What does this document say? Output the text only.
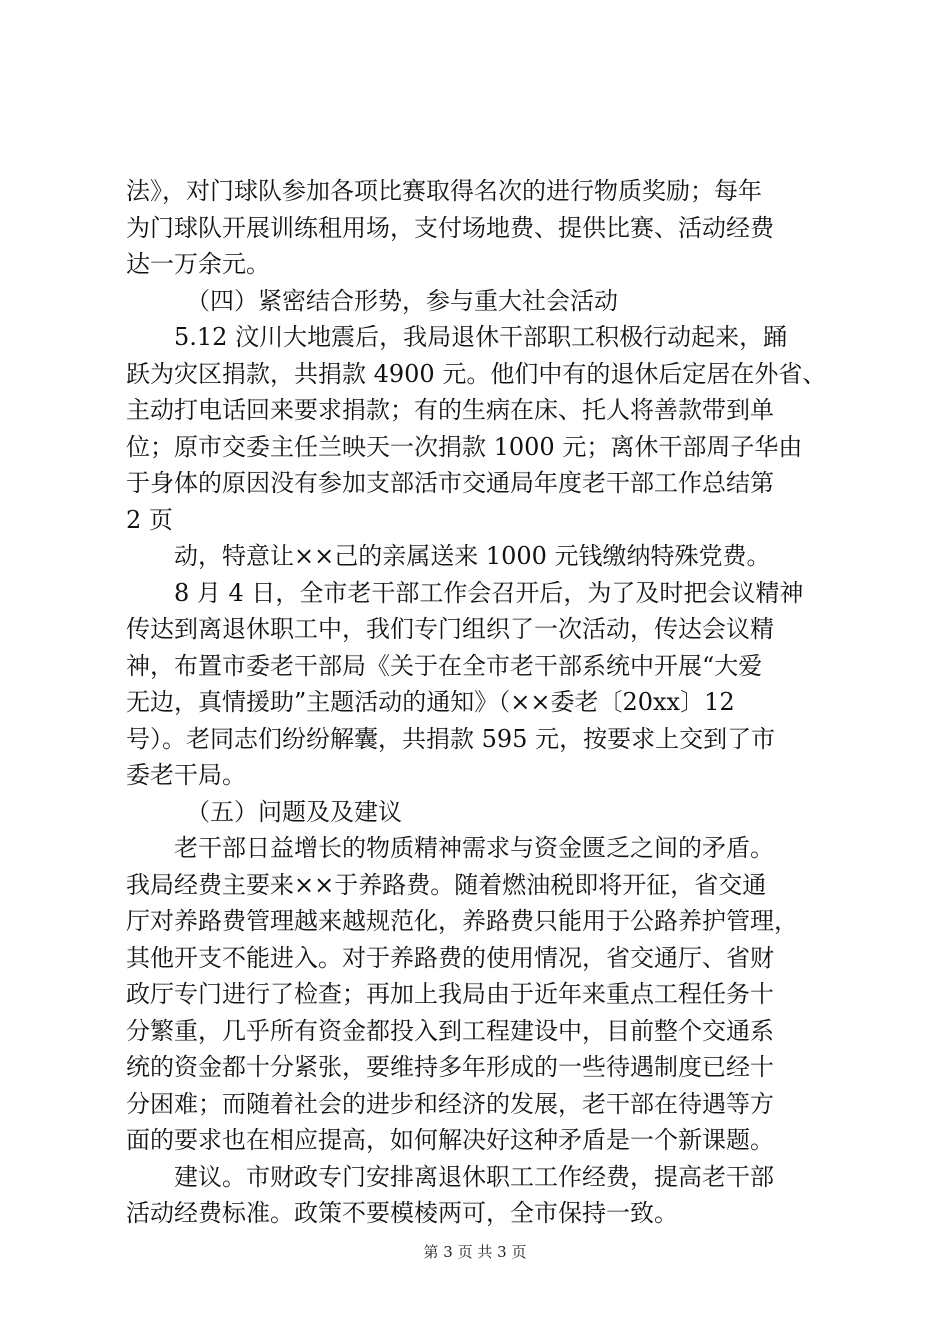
法》，对门球队参加各项比赛取得名次的进行物质奖励；每年
为门球队开展训练租用场，支付场地费、提供比赛、活动经费
达一万余元。
（四）紧密结合形势，参与重大社会活动
5.12 汶川大地震后，我局退休干部职工积极行动起来，踊
跃为灾区捐款，共捐款 4900 元。他们中有的退休后定居在外省、
主动打电话回来要求捐款；有的生病在床、托人将善款带到单
位；原市交委主任兰映天一次捐款 1000 元；离休干部周子华由
于身体的原因没有参加支部活市交通局年度老干部工作总结第
2 页
动，特意让××己的亲属送来 1000 元钱缴纳特殊党费。
8 月 4 日，全市老干部工作会召开后，为了及时把会议精神
传达到离退休职工中，我们专门组织了一次活动，传达会议精
神，布置市委老干部局《关于在全市老干部系统中开展“大爱
无边，真情援助”主题活动的通知》（××委老〔20xx〕12
号）。老同志们纷纷解囊，共捐款 595 元，按要求上交到了市
委老干局。
（五）问题及及建议
老干部日益增长的物质精神需求与资金匮乏之间的矛盾。
我局经费主要来××于养路费。随着燃油税即将开征，省交通
厅对养路费管理越来越规范化，养路费只能用于公路养护管理，
其他开支不能进入。对于养路费的使用情况，省交通厅、省财
政厅专门进行了检查；再加上我局由于近年来重点工程任务十
分繁重，几乎所有资金都投入到工程建设中，目前整个交通系
统的资金都十分紧张，要维持多年形成的一些待遇制度已经十
分困难；而随着社会的进步和经济的发展，老干部在待遇等方
面的要求也在相应提高，如何解决好这种矛盾是一个新课题。
建议。市财政专门安排离退休职工工作经费，提高老干部
活动经费标准。政策不要模棱两可，全市保持一致。
第 3 页 共 3 页
